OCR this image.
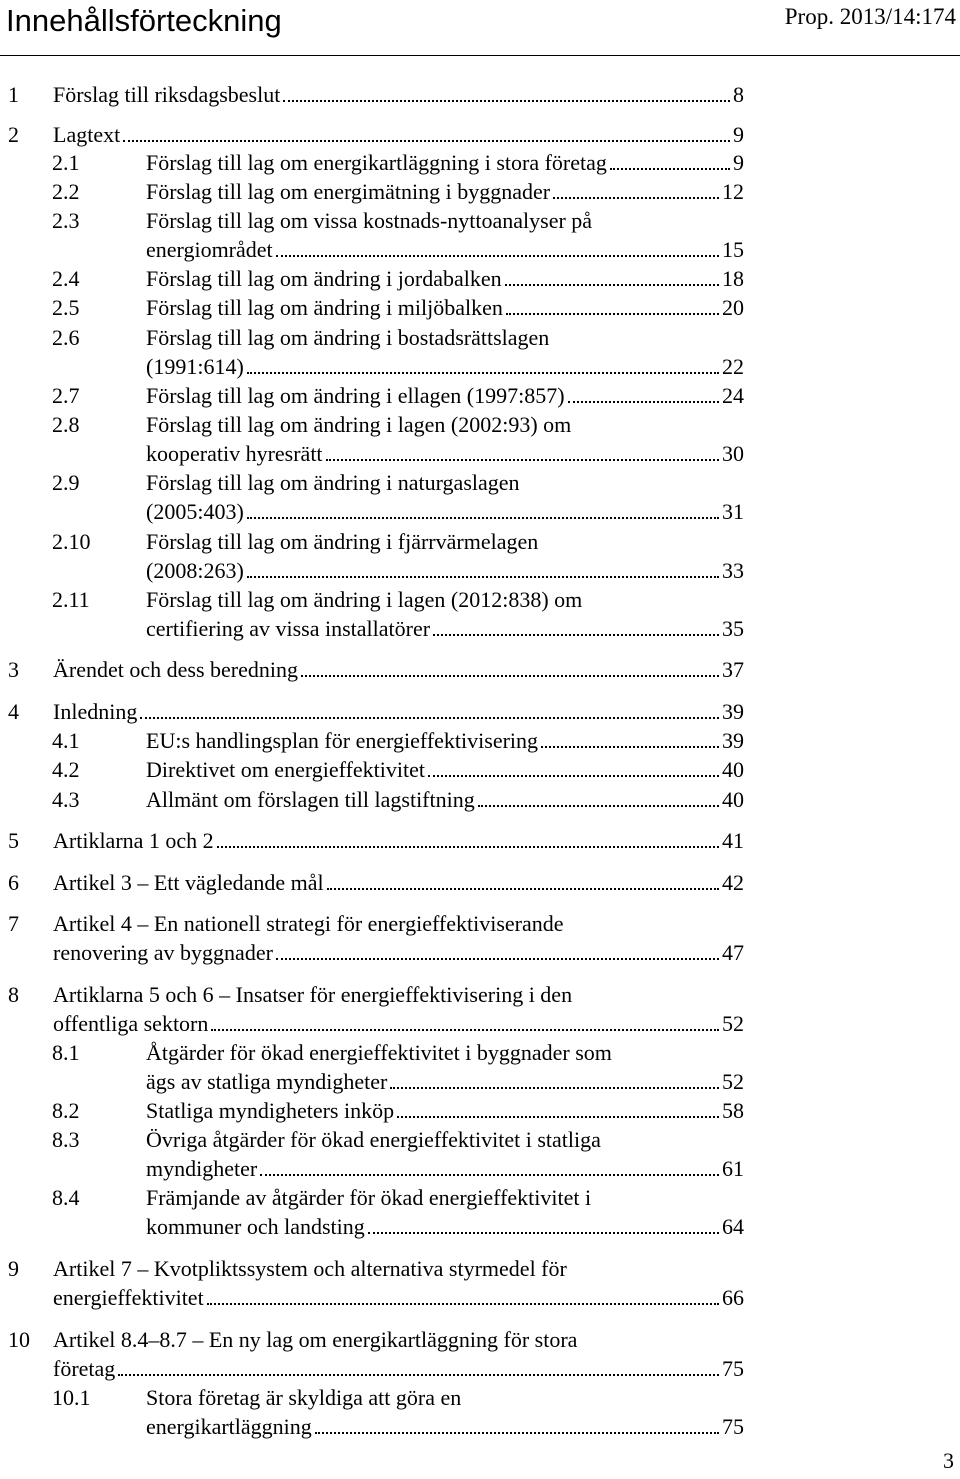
Innehållsförteckning	Prop. 2013/14:174
1 Förslag till riksdagsbeslut	8
2 Lagtext	9
2.1	Förslag till lag om energikartläggning i stora företag	9
2.2	Förslag till lag om energimätning i byggnader	12
2.3	Förslag till lag om vissa kostnads-nyttoanalyser på
energiområdet	15
2.4	Förslag till lag om ändring i jordabalken	18
2.5	Förslag till lag om ändring i miljöbalken	20
2.6	Förslag till lag om ändring i bostadsrättslagen
(1991:614)	22
2.7	Förslag till lag om ändring i ellagen (1997:857)	24
2.8	Förslag till lag om ändring i lagen (2002:93) om
kooperativ hyresrätt	30
2.9	Förslag till lag om ändring i naturgaslagen
(2005:403)	31
2.10	Förslag till lag om ändring i fjärrvärmelagen
(2008:263)	33
2.11	Förslag till lag om ändring i lagen (2012:838) om
certifiering av vissa installatörer	35
3 Ärendet och dess beredning	37
4 Inledning	39
4.1	EU:s handlingsplan för energieffektivisering	39
4.2	Direktivet om energieffektivitet	40
4.3	Allmänt om förslagen till lagstiftning	40
5 Artiklarna 1 och 2	41
6 Artikel 3 – Ett vägledande mål	42
7 Artikel 4 – En nationell strategi för energieffektiviserande
renovering av byggnader	47
8 Artiklarna 5 och 6 – Insatser för energieffektivisering i den
offentliga sektorn	52
8.1	Åtgärder för ökad energieffektivitet i byggnader som
ägs av statliga myndigheter	52
8.2	Statliga myndigheters inköp	58
8.3	Övriga åtgärder för ökad energieffektivitet i statliga
myndigheter	61
8.4	Främjande av åtgärder för ökad energieffektivitet i
kommuner och landsting	64
9 Artikel 7 – Kvotpliktssystem och alternativa styrmedel för
energieffektivitet	66
10 Artikel 8.4–8.7 – En ny lag om energikartläggning för stora
företag	75
10.1	Stora företag är skyldiga att göra en
energikartläggning	75
3
